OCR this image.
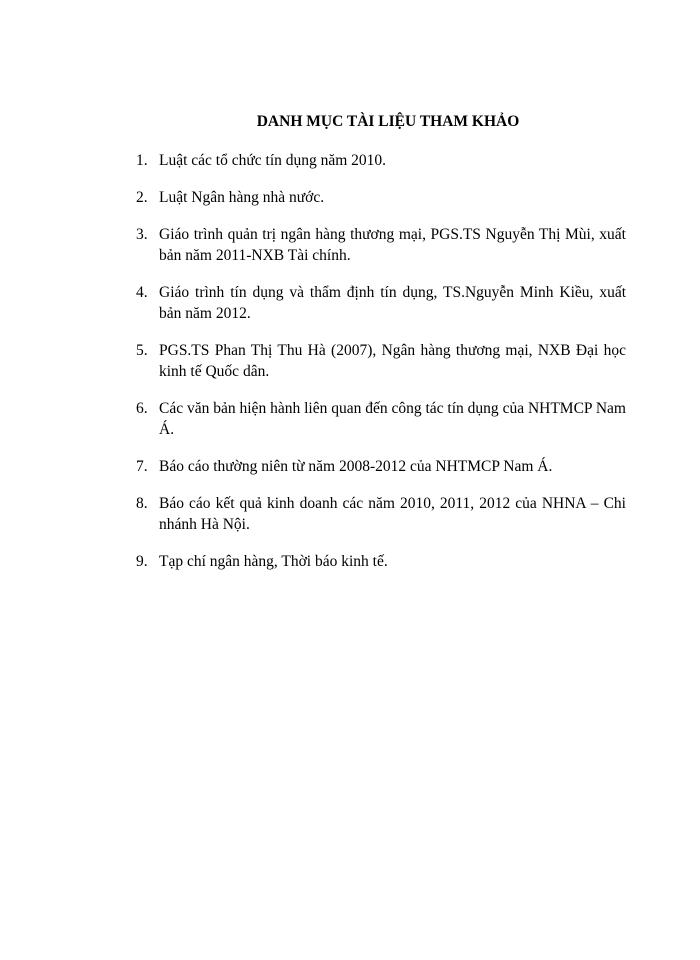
DANH MỤC TÀI LIỆU THAM KHẢO
1. Luật các tổ chức tín dụng năm 2010.
2. Luật Ngân hàng nhà nước.
3. Giáo trình quản trị ngân hàng thương mại, PGS.TS Nguyễn Thị Mùi, xuất bản năm 2011-NXB Tài chính.
4. Giáo trình tín dụng và thẩm định tín dụng, TS.Nguyễn Minh Kiều, xuất bản năm 2012.
5. PGS.TS Phan Thị Thu Hà (2007), Ngân hàng thương mại, NXB Đại học kinh tế Quốc dân.
6. Các văn bản hiện hành liên quan đến công tác tín dụng của NHTMCP Nam Á.
7. Báo cáo thường niên từ năm 2008-2012 của NHTMCP Nam Á.
8. Báo cáo kết quả kinh doanh các năm 2010, 2011, 2012 của NHNA – Chi nhánh Hà Nội.
9. Tạp chí ngân hàng, Thời báo kinh tế.
